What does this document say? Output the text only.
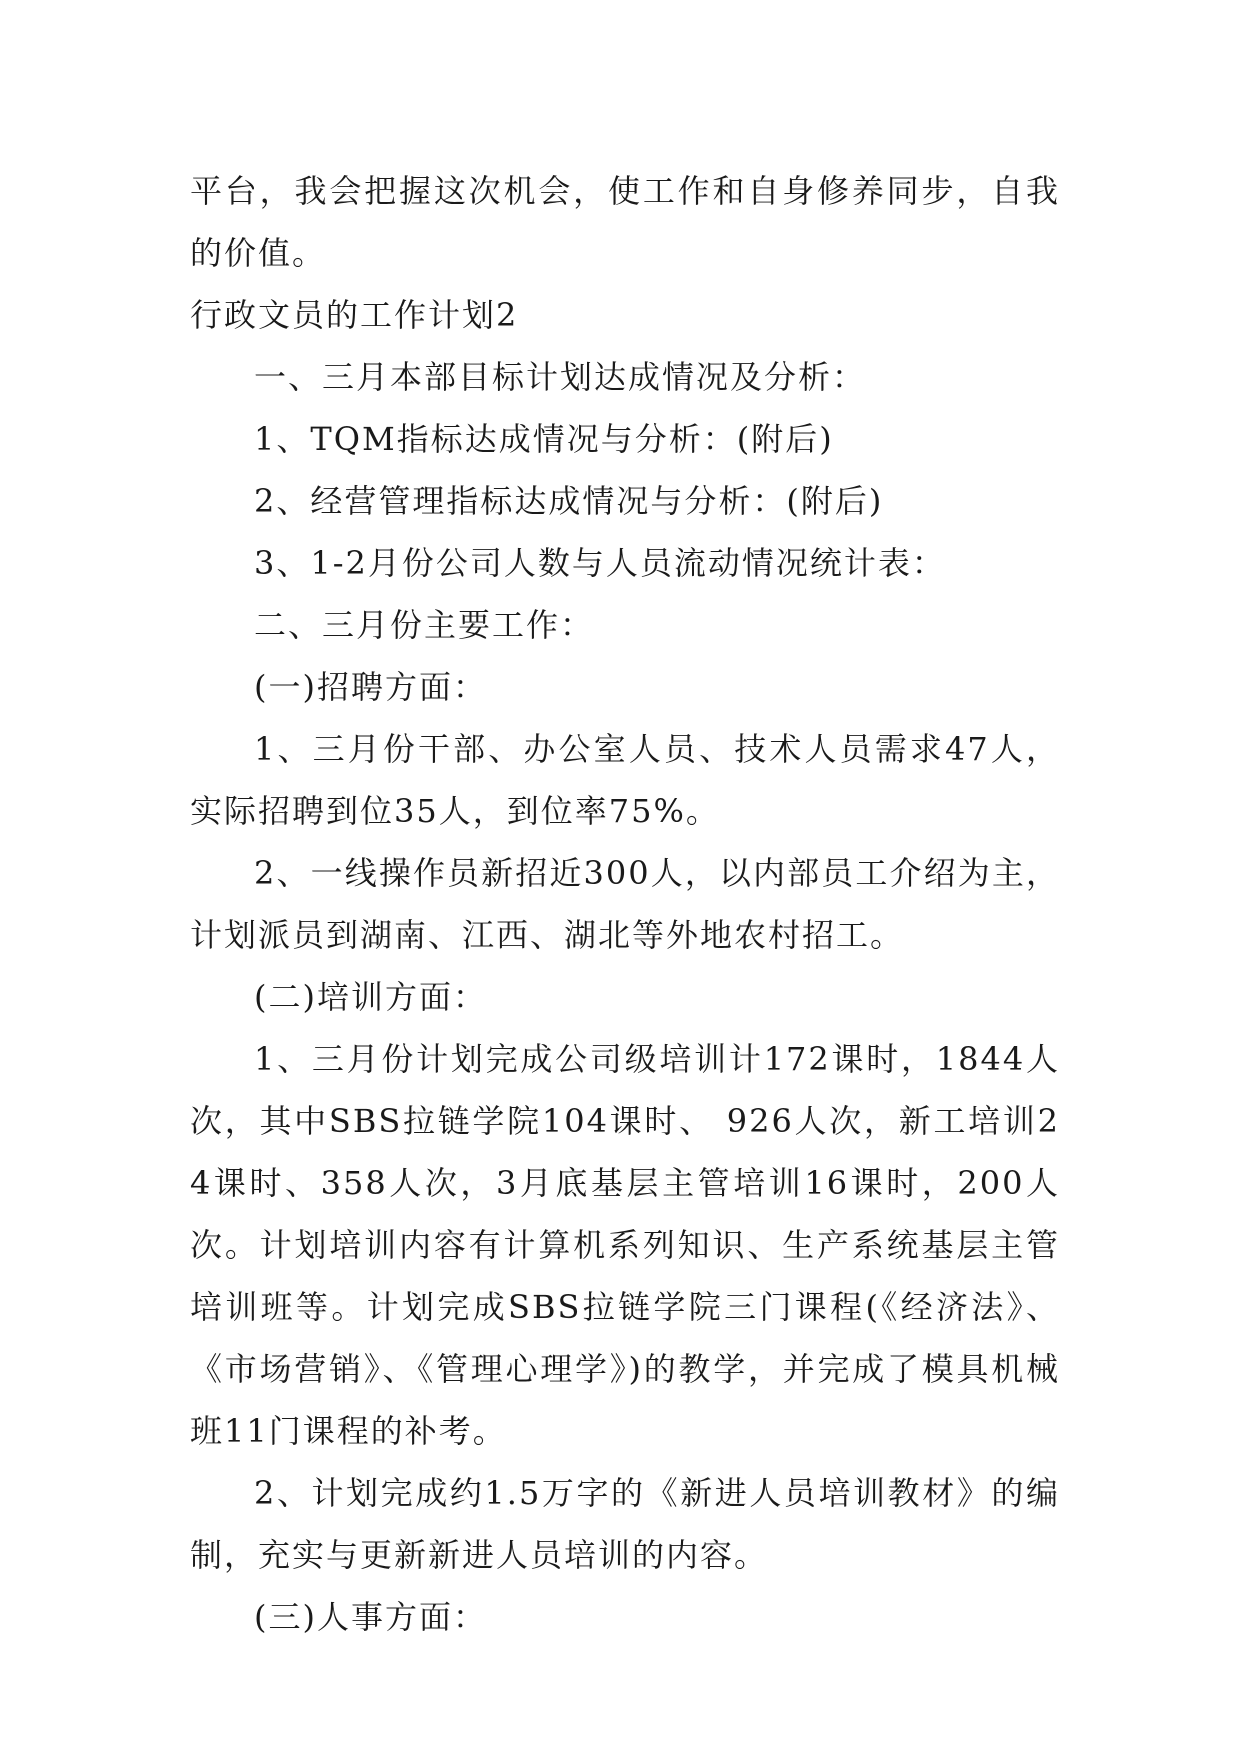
平台，我会把握这次机会，使工作和自身修养同步，自我的价值。

行政文员的工作计划2

一、三月本部目标计划达成情况及分析：

1、TQM指标达成情况与分析：(附后)

2、经营管理指标达成情况与分析：(附后)

3、1-2月份公司人数与人员流动情况统计表：

二、三月份主要工作：

(一)招聘方面：

1、三月份干部、办公室人员、技术人员需求47人，实际招聘到位35人，到位率75%。

2、一线操作员新招近300人，以内部员工介绍为主，计划派员到湖南、江西、湖北等外地农村招工。

(二)培训方面：

1、三月份计划完成公司级培训计172课时，1844人次，其中SBS拉链学院104课时、 926人次，新工培训24课时、358人次，3月底基层主管培训16课时，200人次。计划培训内容有计算机系列知识、生产系统基层主管培训班等。计划完成SBS拉链学院三门课程(《经济法》、《市场营销》、《管理心理学》)的教学，并完成了模具机械班11门课程的补考。

2、计划完成约1.5万字的《新进人员培训教材》的编制，充实与更新新进人员培训的内容。

(三)人事方面：
